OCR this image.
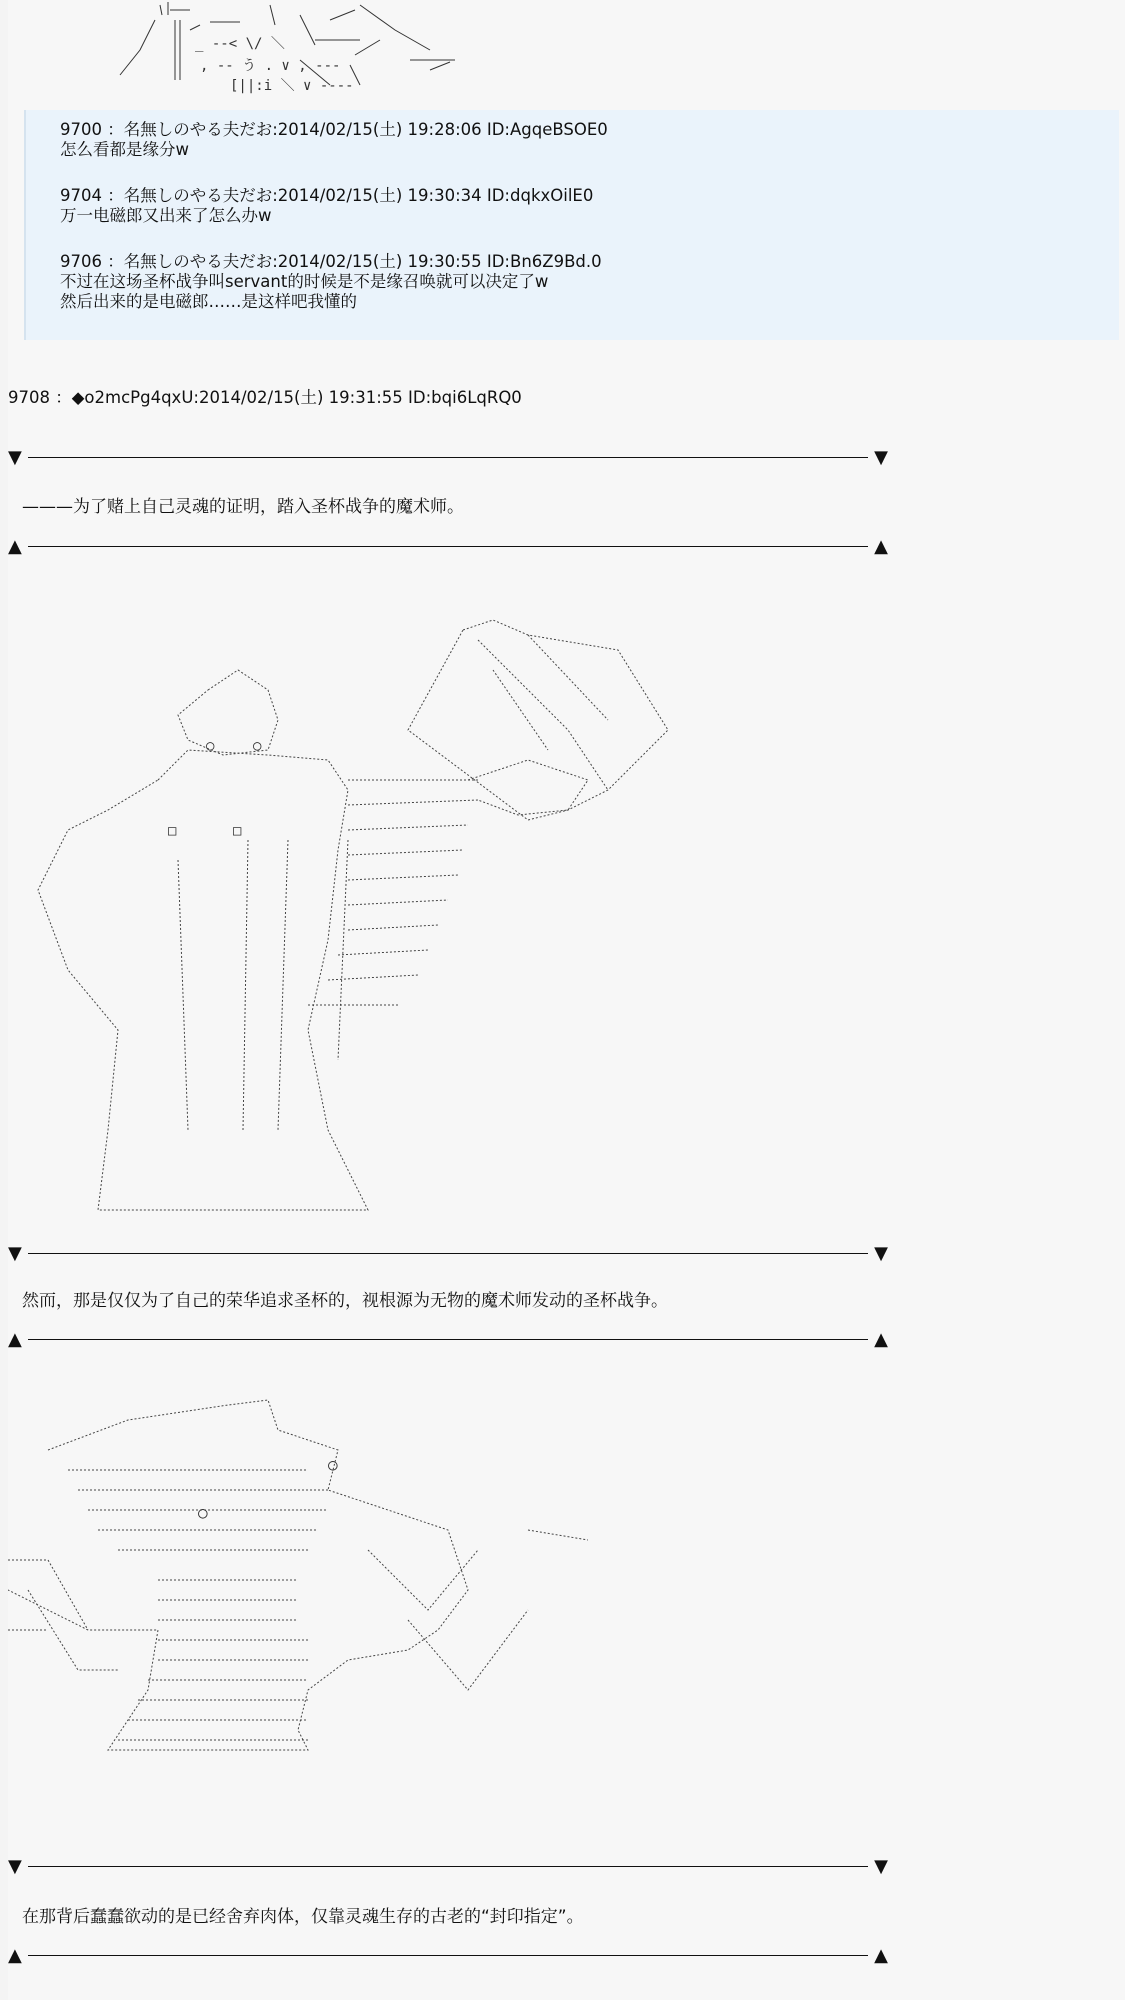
_ --< \/ ＼
, -- う . ∨ , -‐‐
[||:i ＼ ∨ ‐--‐
9700 ：名無しのやる夫だお:2014/02/15(土) 19:28:06 ID:AgqeBSOE0
怎么看都是缘分w
9704 ：名無しのやる夫だお:2014/02/15(土) 19:30:34 ID:dqkxOilE0
万一电磁郎又出来了怎么办w
9706 ：名無しのやる夫だお:2014/02/15(土) 19:30:55 ID:Bn6Z9Bd.0
不过在这场圣杯战争叫servant的时候是不是缘召唤就可以决定了w
然后出来的是电磁郎……是这样吧我懂的
9708 ：◆o2mcPg4qxU:2014/02/15(土) 19:31:55 ID:bqi6LqRQ0
▼	▼
———为了赌上自己灵魂的证明，踏入圣杯战争的魔术师。
▲	▲
○	○
□	□
▼	▼
然而，那是仅仅为了自己的荣华追求圣杯的，视根源为无物的魔术师发动的圣杯战争。
▲	▲
○
○
▼	▼
在那背后蠢蠢欲动的是已经舍弃肉体，仅靠灵魂生存的古老的“封印指定”。
▲	▲
